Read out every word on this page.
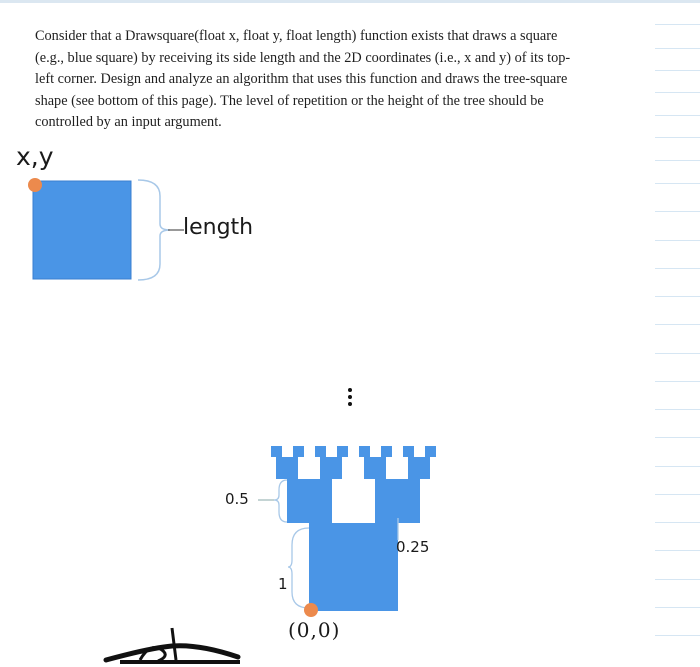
Consider that a Drawsquare(float x, float y, float length) function exists that draws a square
(e.g., blue square) by receiving its side length and the 2D coordinates (i.e., x and y) of its top-
left corner. Design and analyze an algorithm that uses this function and draws the tree-square
shape (see bottom of this page). The level of repetition or the height of the tree should be
controlled by an input argument.

x,y

length

0.5

0.25

1

(0,0)
